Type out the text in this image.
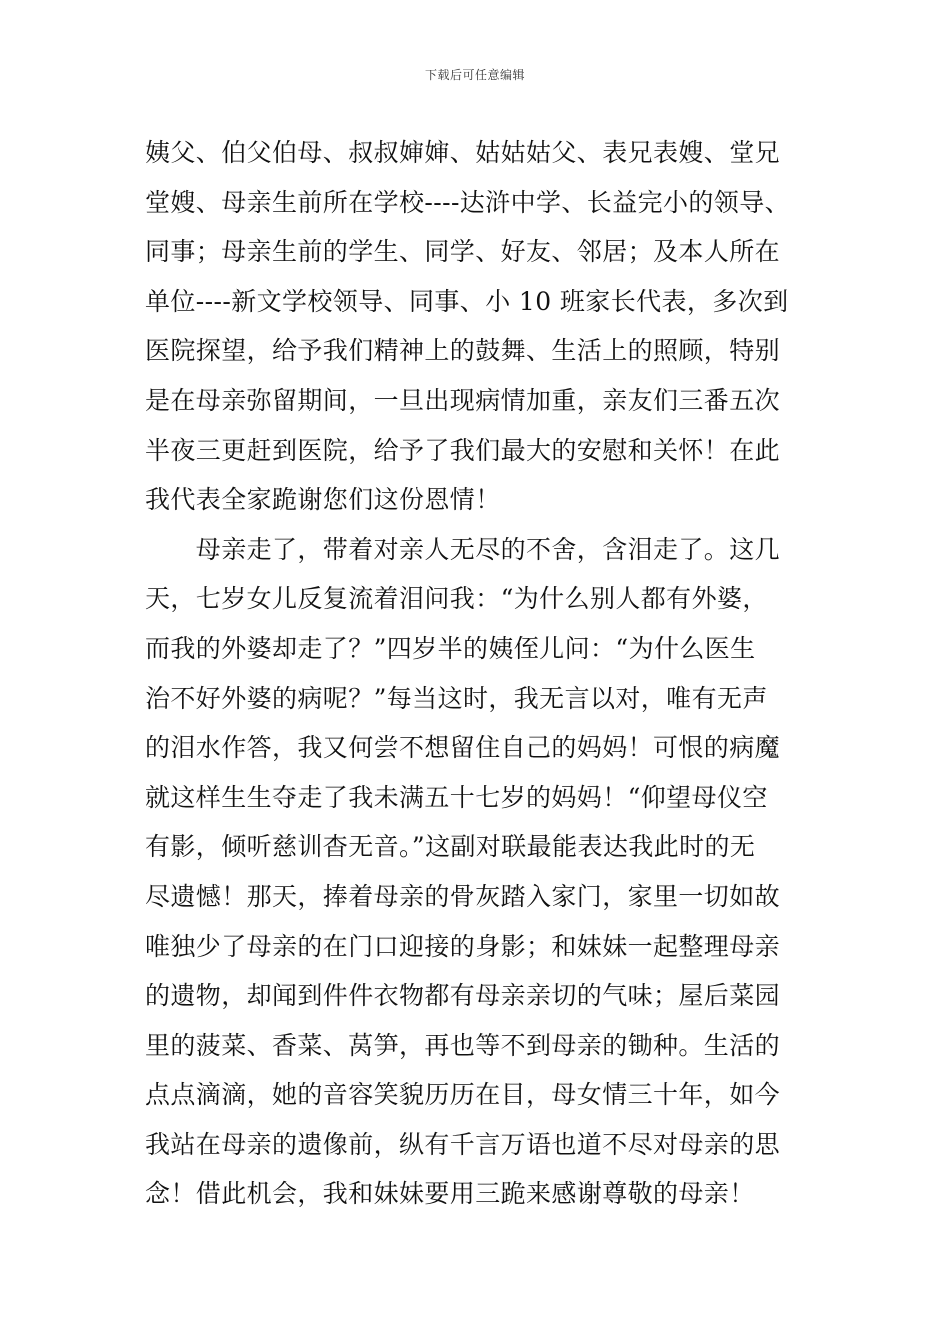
下载后可任意编辑
姨父、伯父伯母、叔叔婶婶、姑姑姑父、表兄表嫂、堂兄
堂嫂、母亲生前所在学校----达浒中学、长益完小的领导、
同事；母亲生前的学生、同学、好友、邻居；及本人所在
单位----新文学校领导、同事、小 10 班家长代表，多次到
医院探望，给予我们精神上的鼓舞、生活上的照顾，特别
是在母亲弥留期间，一旦出现病情加重，亲友们三番五次
半夜三更赶到医院，给予了我们最大的安慰和关怀！在此
我代表全家跪谢您们这份恩情！
　　母亲走了，带着对亲人无尽的不舍，含泪走了。这几
天，七岁女儿反复流着泪问我：“为什么别人都有外婆，
而我的外婆却走了？”四岁半的姨侄儿问：“为什么医生
治不好外婆的病呢？”每当这时，我无言以对，唯有无声
的泪水作答，我又何尝不想留住自己的妈妈！可恨的病魔
就这样生生夺走了我未满五十七岁的妈妈！“仰望母仪空
有影，倾听慈训杳无音。”这副对联最能表达我此时的无
尽遗憾！那天，捧着母亲的骨灰踏入家门，家里一切如故
唯独少了母亲的在门口迎接的身影；和妹妹一起整理母亲
的遗物，却闻到件件衣物都有母亲亲切的气味；屋后菜园
里的菠菜、香菜、莴笋，再也等不到母亲的锄种。生活的
点点滴滴，她的音容笑貌历历在目，母女情三十年，如今
我站在母亲的遗像前，纵有千言万语也道不尽对母亲的思
念！借此机会，我和妹妹要用三跪来感谢尊敬的母亲！
